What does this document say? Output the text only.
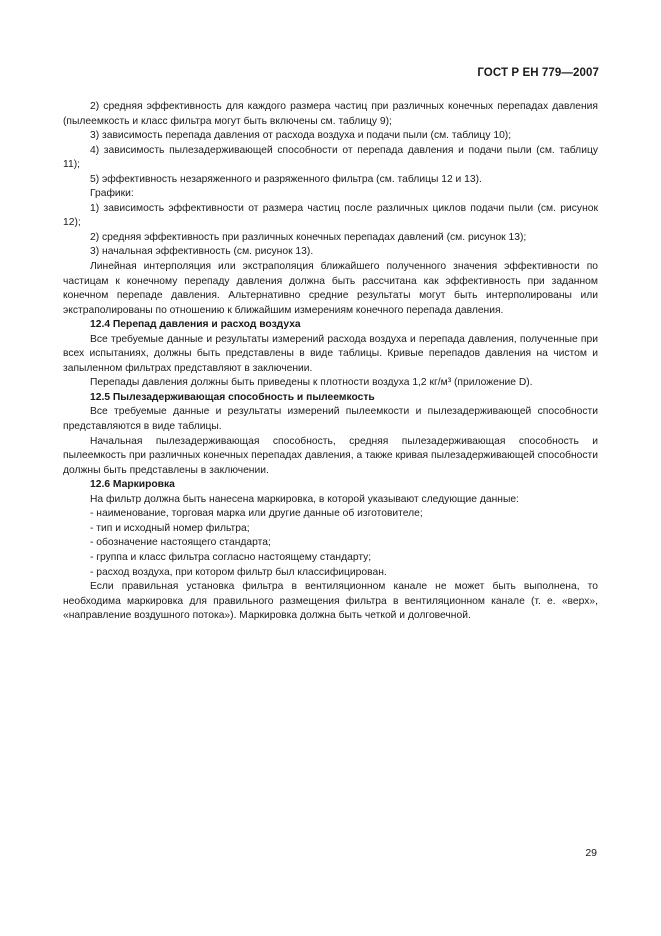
ГОСТ Р ЕН 779—2007

2) средняя эффективность для каждого размера частиц при различных конечных перепадах давления (пылеемкость и класс фильтра могут быть включены см. таблицу 9);

3) зависимость перепада давления от расхода воздуха и подачи пыли (см. таблицу 10);

4) зависимость пылезадерживающей способности от перепада давления и подачи пыли (см. таблицу 11);

5) эффективность незаряженного и разряженного фильтра (см. таблицы 12 и 13).

Графики:

1) зависимость эффективности от размера частиц после различных циклов подачи пыли (см. рисунок 12);

2) средняя эффективность при различных конечных перепадах давлений (см. рисунок 13);

3) начальная эффективность (см. рисунок 13).

Линейная интерполяция или экстраполяция ближайшего полученного значения эффективности по частицам к конечному перепаду давления должна быть рассчитана как эффективность при заданном конечном перепаде давления. Альтернативно средние результаты могут быть интерполированы или экстраполированы по отношению к ближайшим измерениям конечного перепада давления.

12.4 Перепад давления и расход воздуха

Все требуемые данные и результаты измерений расхода воздуха и перепада давления, полученные при всех испытаниях, должны быть представлены в виде таблицы. Кривые перепадов давления на чистом и запыленном фильтрах представляют в заключении.

Перепады давления должны быть приведены к плотности воздуха 1,2 кг/м³ (приложение D).

12.5 Пылезадерживающая способность и пылеемкость

Все требуемые данные и результаты измерений пылеемкости и пылезадерживающей способности представляются в виде таблицы.

Начальная пылезадерживающая способность, средняя пылезадерживающая способность и пылеемкость при различных конечных перепадах давления, а также кривая пылезадерживающей способности должны быть представлены в заключении.

12.6 Маркировка

На фильтр должна быть нанесена маркировка, в которой указывают следующие данные:

- наименование, торговая марка или другие данные об изготовителе;

- тип и исходный номер фильтра;

- обозначение настоящего стандарта;

- группа и класс фильтра согласно настоящему стандарту;

- расход воздуха, при котором фильтр был классифицирован.

Если правильная установка фильтра в вентиляционном канале не может быть выполнена, то необходима маркировка для правильного размещения фильтра в вентиляционном канале (т. е. «верх», «направление воздушного потока»). Маркировка должна быть четкой и долговечной.

29
